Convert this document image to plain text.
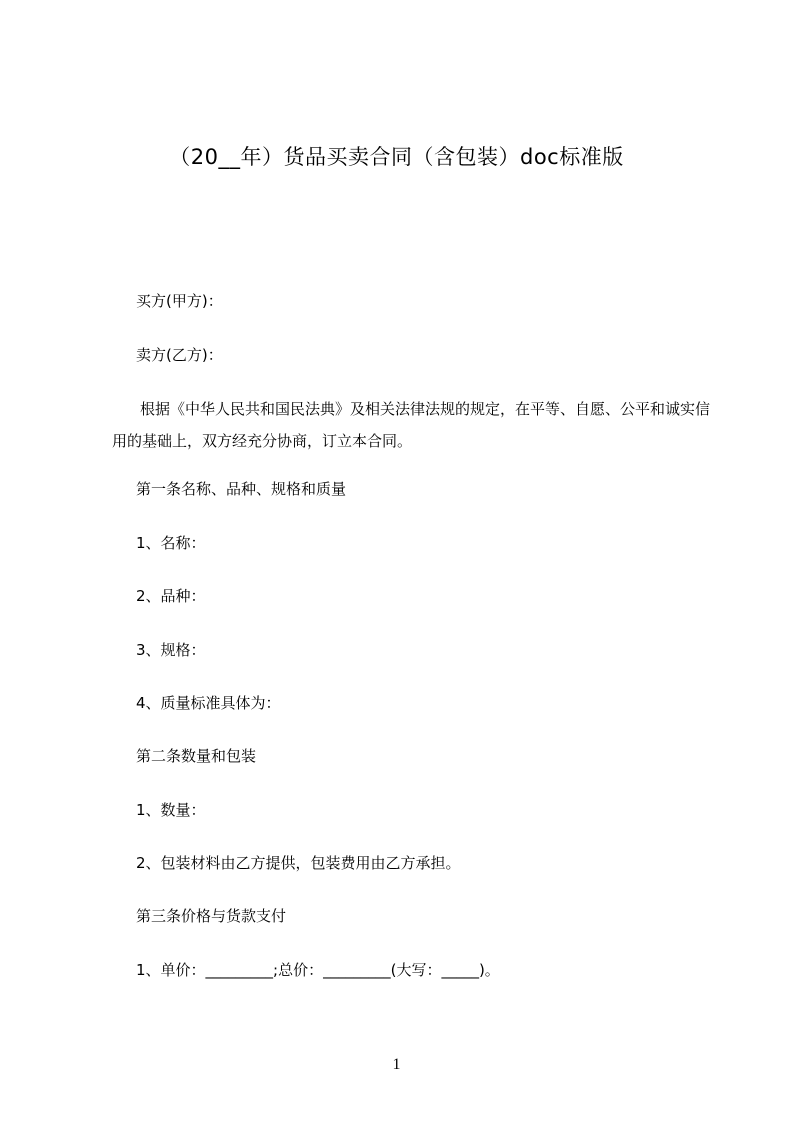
（20__年）货品买卖合同（含包装）doc标准版
买方(甲方)：
卖方(乙方)：
根据《中华人民共和国民法典》及相关法律法规的规定，在平等、自愿、公平和诚实信用的基础上，双方经充分协商，订立本合同。
第一条名称、品种、规格和质量
1、名称：
2、品种：
3、规格：
4、质量标准具体为：
第二条数量和包装
1、数量：
2、包装材料由乙方提供，包装费用由乙方承担。
第三条价格与货款支付
1、单价：_________;总价：_________(大写：_____)。
1
